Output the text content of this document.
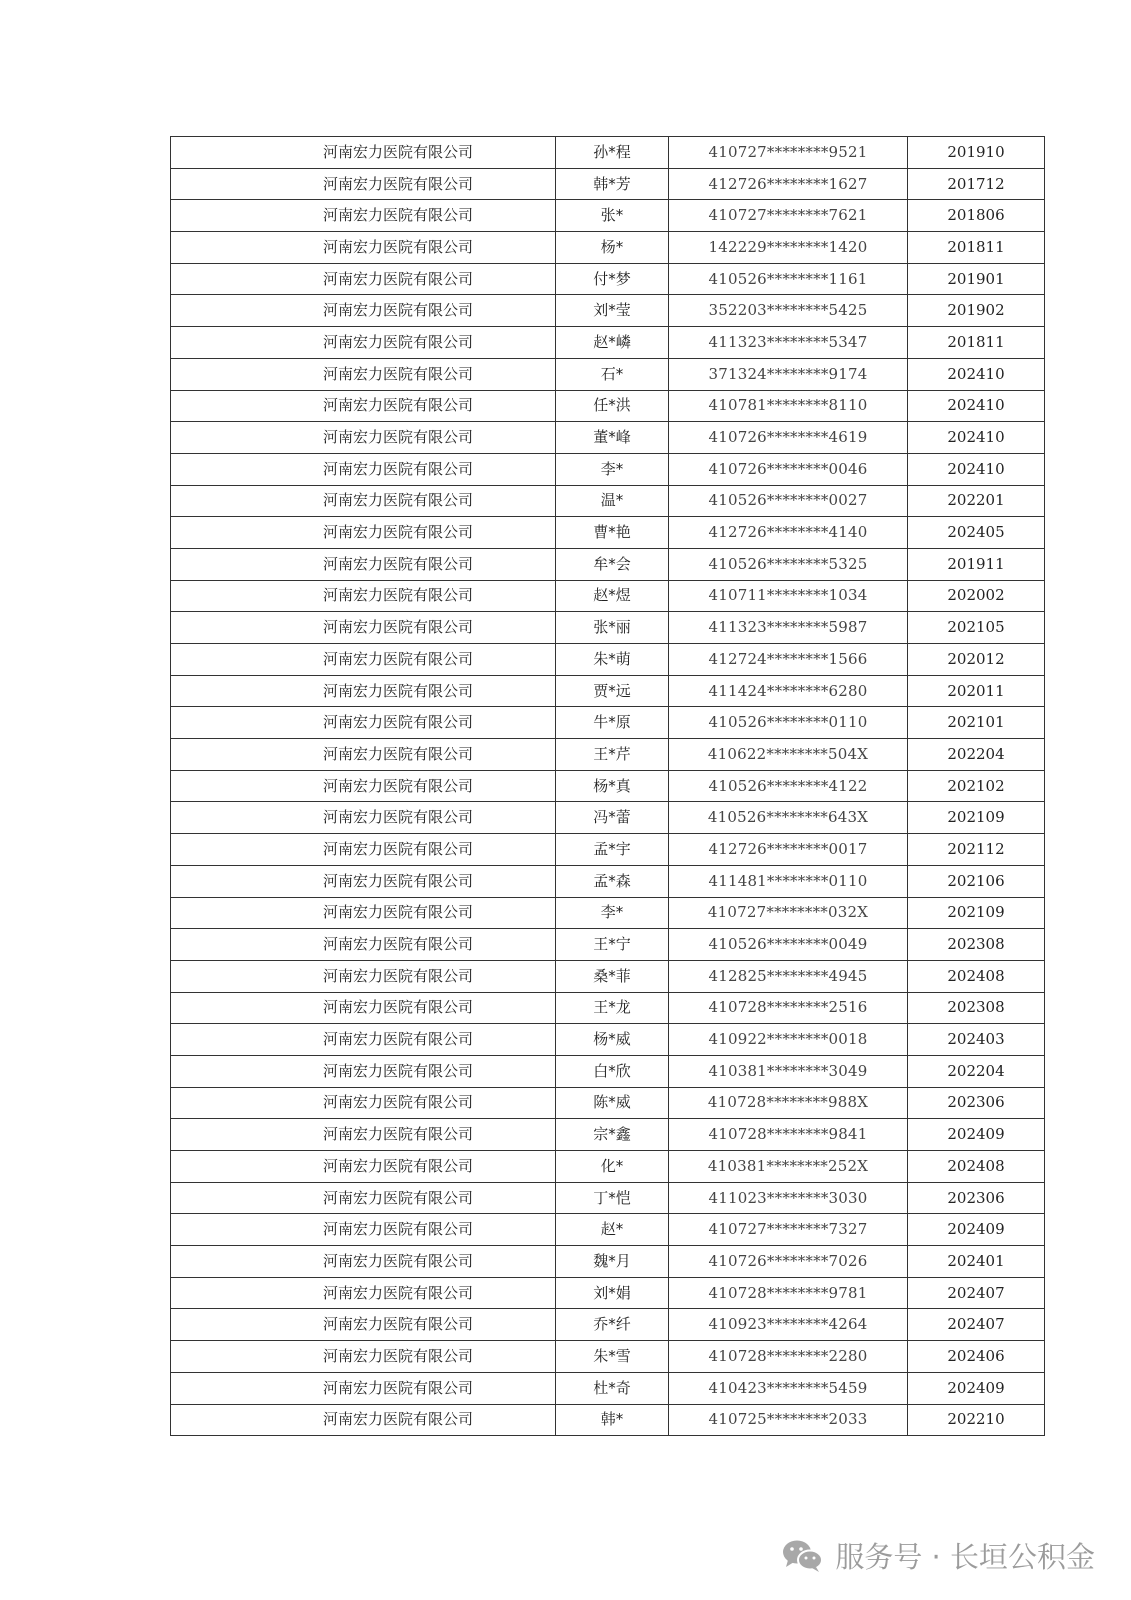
河南宏力医院有限公司	孙*程	410727********9521	201910
河南宏力医院有限公司	韩*芳	412726********1627	201712
河南宏力医院有限公司	张*	410727********7621	201806
河南宏力医院有限公司	杨*	142229********1420	201811
河南宏力医院有限公司	付*梦	410526********1161	201901
河南宏力医院有限公司	刘*莹	352203********5425	201902
河南宏力医院有限公司	赵*嶙	411323********5347	201811
河南宏力医院有限公司	石*	371324********9174	202410
河南宏力医院有限公司	任*洪	410781********8110	202410
河南宏力医院有限公司	董*峰	410726********4619	202410
河南宏力医院有限公司	李*	410726********0046	202410
河南宏力医院有限公司	温*	410526********0027	202201
河南宏力医院有限公司	曹*艳	412726********4140	202405
河南宏力医院有限公司	牟*会	410526********5325	201911
河南宏力医院有限公司	赵*煜	410711********1034	202002
河南宏力医院有限公司	张*丽	411323********5987	202105
河南宏力医院有限公司	朱*萌	412724********1566	202012
河南宏力医院有限公司	贾*远	411424********6280	202011
河南宏力医院有限公司	牛*原	410526********0110	202101
河南宏力医院有限公司	王*芹	410622********504X	202204
河南宏力医院有限公司	杨*真	410526********4122	202102
河南宏力医院有限公司	冯*蕾	410526********643X	202109
河南宏力医院有限公司	孟*宇	412726********0017	202112
河南宏力医院有限公司	孟*森	411481********0110	202106
河南宏力医院有限公司	李*	410727********032X	202109
河南宏力医院有限公司	王*宁	410526********0049	202308
河南宏力医院有限公司	桑*菲	412825********4945	202408
河南宏力医院有限公司	王*龙	410728********2516	202308
河南宏力医院有限公司	杨*威	410922********0018	202403
河南宏力医院有限公司	白*欣	410381********3049	202204
河南宏力医院有限公司	陈*威	410728********988X	202306
河南宏力医院有限公司	宗*鑫	410728********9841	202409
河南宏力医院有限公司	化*	410381********252X	202408
河南宏力医院有限公司	丁*恺	411023********3030	202306
河南宏力医院有限公司	赵*	410727********7327	202409
河南宏力医院有限公司	魏*月	410726********7026	202401
河南宏力医院有限公司	刘*娟	410728********9781	202407
河南宏力医院有限公司	乔*纤	410923********4264	202407
河南宏力医院有限公司	朱*雪	410728********2280	202406
河南宏力医院有限公司	杜*奇	410423********5459	202409
河南宏力医院有限公司	韩*	410725********2033	202210
服务号 · 长垣公积金
